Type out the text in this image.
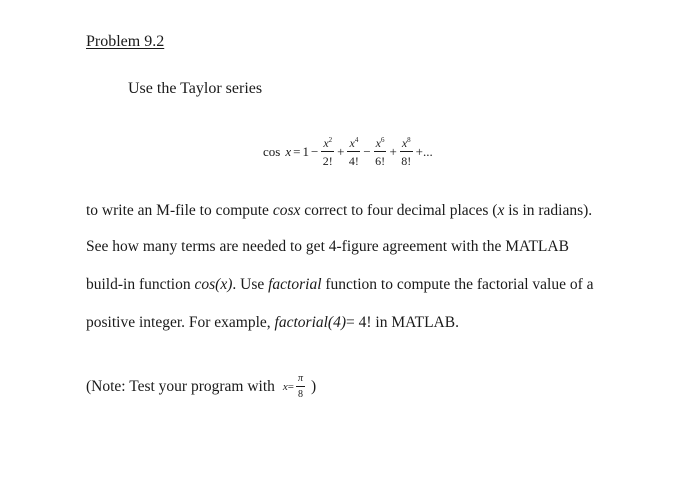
Problem 9.2
Use the Taylor series
$\cos x = 1 - \frac{x^2}{2!} + \frac{x^4}{4!} - \frac{x^6}{6!} + \frac{x^8}{8!}$ +...
to write an M-file to compute cosx correct to four decimal places (x is in radians).
See how many terms are needed to get 4-figure agreement with the MATLAB
build-in function cos(x). Use factorial function to compute the factorial value of a
positive integer. For example, factorial(4)= 4! in MATLAB.
(Note: Test your program with $x = \frac{\pi}{8}$ )
